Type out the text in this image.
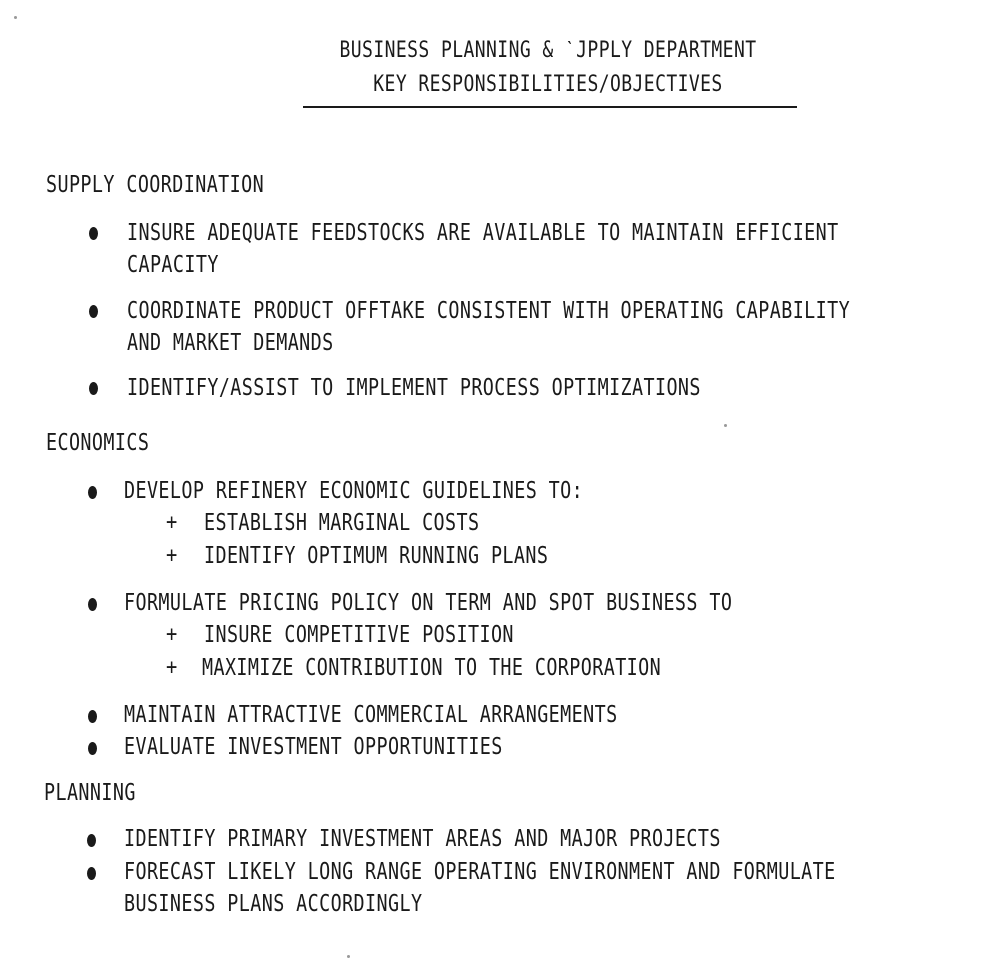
BUSINESS PLANNING & ˋJPPLY DEPARTMENT
KEY RESPONSIBILITIES/OBJECTIVES
SUPPLY COORDINATION
INSURE ADEQUATE FEEDSTOCKS ARE AVAILABLE TO MAINTAIN EFFICIENT
CAPACITY
COORDINATE PRODUCT OFFTAKE CONSISTENT WITH OPERATING CAPABILITY
AND MARKET DEMANDS
IDENTIFY/ASSIST TO IMPLEMENT PROCESS OPTIMIZATIONS
ECONOMICS
DEVELOP REFINERY ECONOMIC GUIDELINES TO:
+ ESTABLISH MARGINAL COSTS
+ IDENTIFY OPTIMUM RUNNING PLANS
FORMULATE PRICING POLICY ON TERM AND SPOT BUSINESS TO
+ INSURE COMPETITIVE POSITION
+ MAXIMIZE CONTRIBUTION TO THE CORPORATION
MAINTAIN ATTRACTIVE COMMERCIAL ARRANGEMENTS
EVALUATE INVESTMENT OPPORTUNITIES
PLANNING
IDENTIFY PRIMARY INVESTMENT AREAS AND MAJOR PROJECTS
FORECAST LIKELY LONG RANGE OPERATING ENVIRONMENT AND FORMULATE
BUSINESS PLANS ACCORDINGLY
